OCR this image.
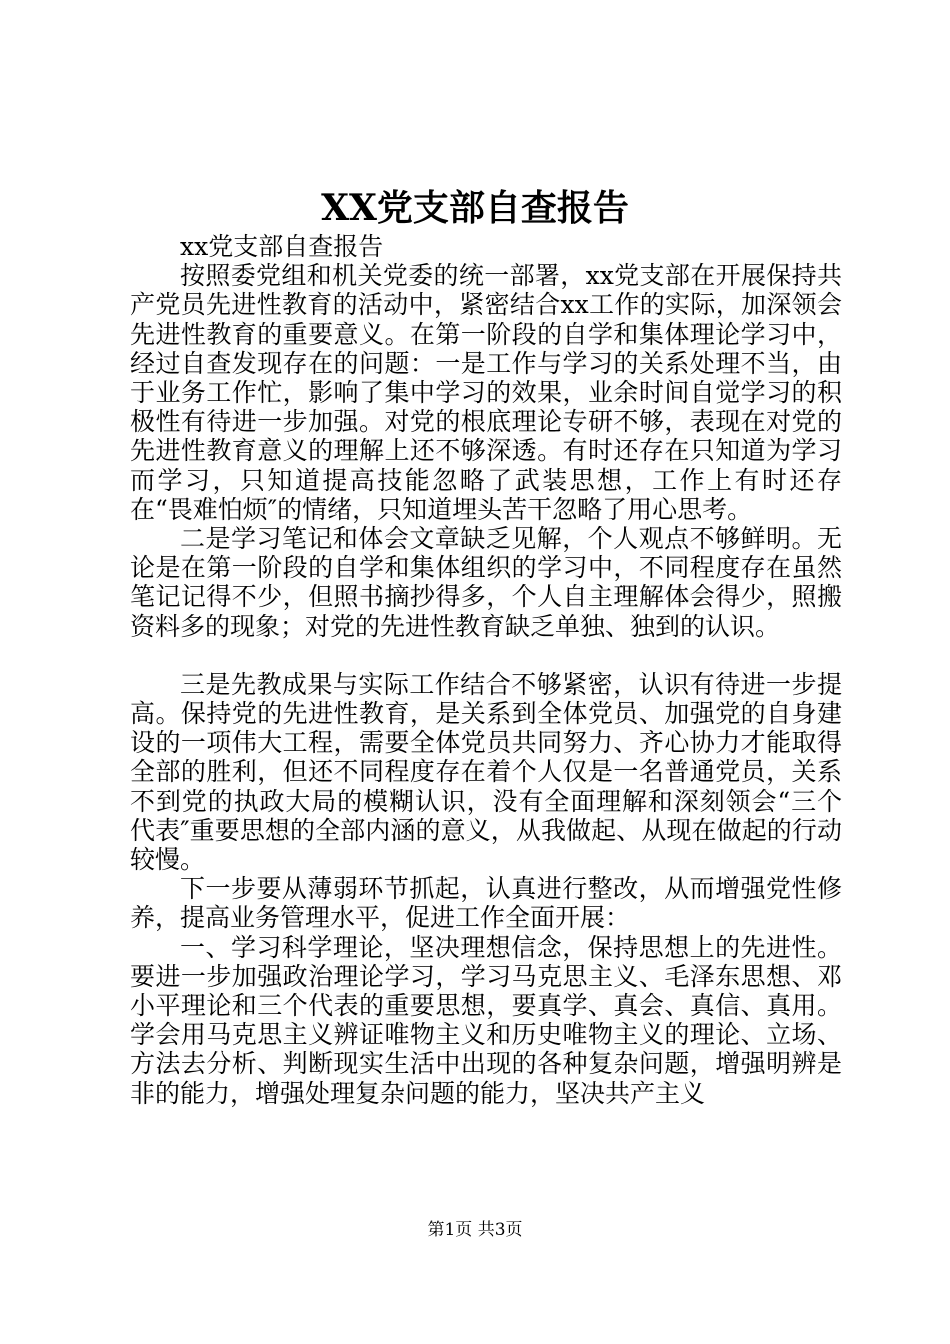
XX党支部自查报告

xx党支部自查报告

按照委党组和机关党委的统一部署，xx党支部在开展保持共产党员先进性教育的活动中，紧密结合xx工作的实际，加深领会先进性教育的重要意义。在第一阶段的自学和集体理论学习中，经过自查发现存在的问题：一是工作与学习的关系处理不当，由于业务工作忙，影响了集中学习的效果，业余时间自觉学习的积极性有待进一步加强。对党的根底理论专研不够，表现在对党的先进性教育意义的理解上还不够深透。有时还存在只知道为学习而学习，只知道提高技能忽略了武装思想，工作上有时还存在“畏难怕烦″的情绪，只知道埋头苦干忽略了用心思考。

二是学习笔记和体会文章缺乏见解，个人观点不够鲜明。无论是在第一阶段的自学和集体组织的学习中，不同程度存在虽然笔记记得不少，但照书摘抄得多，个人自主理解体会得少，照搬资料多的现象；对党的先进性教育缺乏单独、独到的认识。

三是先教成果与实际工作结合不够紧密，认识有待进一步提高。保持党的先进性教育，是关系到全体党员、加强党的自身建设的一项伟大工程，需要全体党员共同努力、齐心协力才能取得全部的胜利，但还不同程度存在着个人仅是一名普通党员，关系不到党的执政大局的模糊认识，没有全面理解和深刻领会“三个代表″重要思想的全部内涵的意义，从我做起、从现在做起的行动较慢。

下一步要从薄弱环节抓起，认真进行整改，从而增强党性修养，提高业务管理水平，促进工作全面开展：

一、学习科学理论，坚决理想信念，保持思想上的先进性。要进一步加强政治理论学习，学习马克思主义、毛泽东思想、邓小平理论和三个代表的重要思想，要真学、真会、真信、真用。学会用马克思主义辨证唯物主义和历史唯物主义的理论、立场、方法去分析、判断现实生活中出现的各种复杂问题，增强明辨是非的能力，增强处理复杂问题的能力，坚决共产主义

第1页 共3页
